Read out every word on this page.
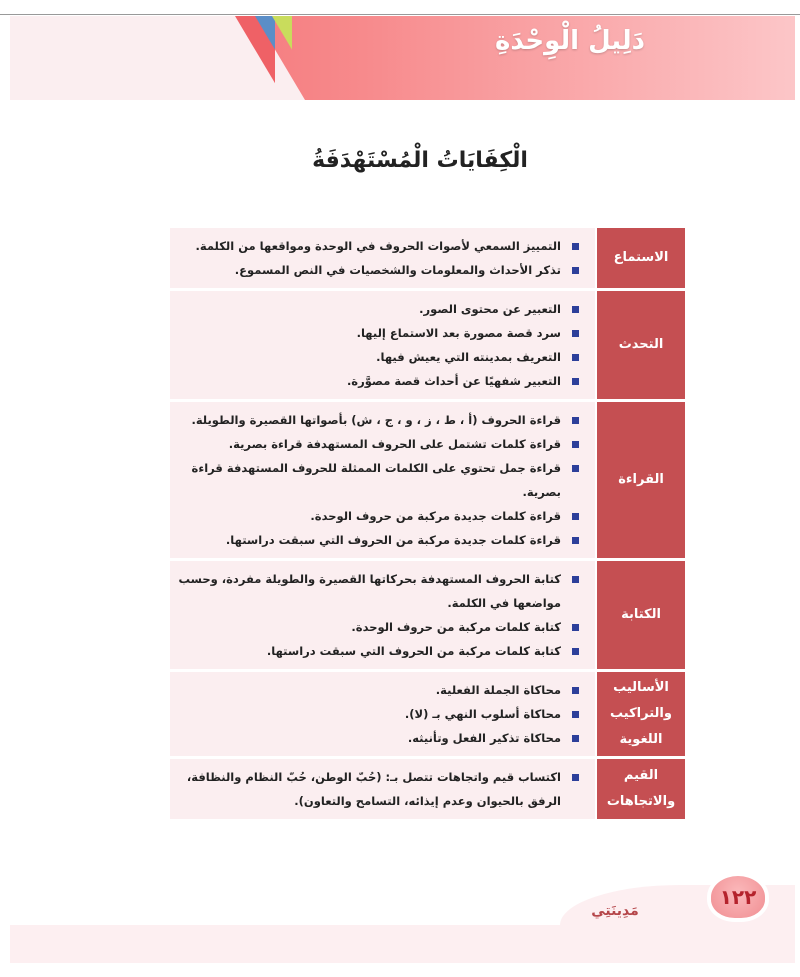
دَلِيلُ الْوِحْدَةِ
الْكِفَايَاتُ الْمُسْتَهْدَفَةُ
الاستماع
التمييز السمعي لأصوات الحروف في الوحدة ومواقعها من الكلمة.
تذكر الأحداث والمعلومات والشخصيات في النص المسموع.
التحدث
التعبير عن محتوى الصور.
سرد قصة مصورة بعد الاستماع إليها.
التعريف بمدينته التي يعيش فيها.
التعبير شفهيًا عن أحداث قصة مصوَّرة.
القراءة
قراءة الحروف (أ ، ط ، ز ، و ، ج ، ش) بأصواتها القصيرة والطويلة.
قراءة كلمات تشتمل على الحروف المستهدفة قراءة بصرية.
قراءة جمل تحتوي على الكلمات الممثلة للحروف المستهدفة قراءة بصرية.
قراءة كلمات جديدة مركبة من حروف الوحدة.
قراءة كلمات جديدة مركبة من الحروف التي سبقت دراستها.
الكتابة
كتابة الحروف المستهدفة بحركاتها القصيرة والطويلة مفردة، وحسب مواضعها في الكلمة.
كتابة كلمات مركبة من حروف الوحدة.
كتابة كلمات مركبة من الحروف التي سبقت دراستها.
الأساليب والتراكيب اللغوية
محاكاة الجملة الفعلية.
محاكاة أسلوب النهي بـ (لا).
محاكاة تذكير الفعل وتأنيثه.
القيم والاتجاهات
اكتساب قيم واتجاهات تتصل بـ: (حُبّ الوطن، حُبّ النظام والنظافة، الرفق بالحيوان وعدم إيذائه، التسامح والتعاون).
١٢٢
مَدِينَتِي
